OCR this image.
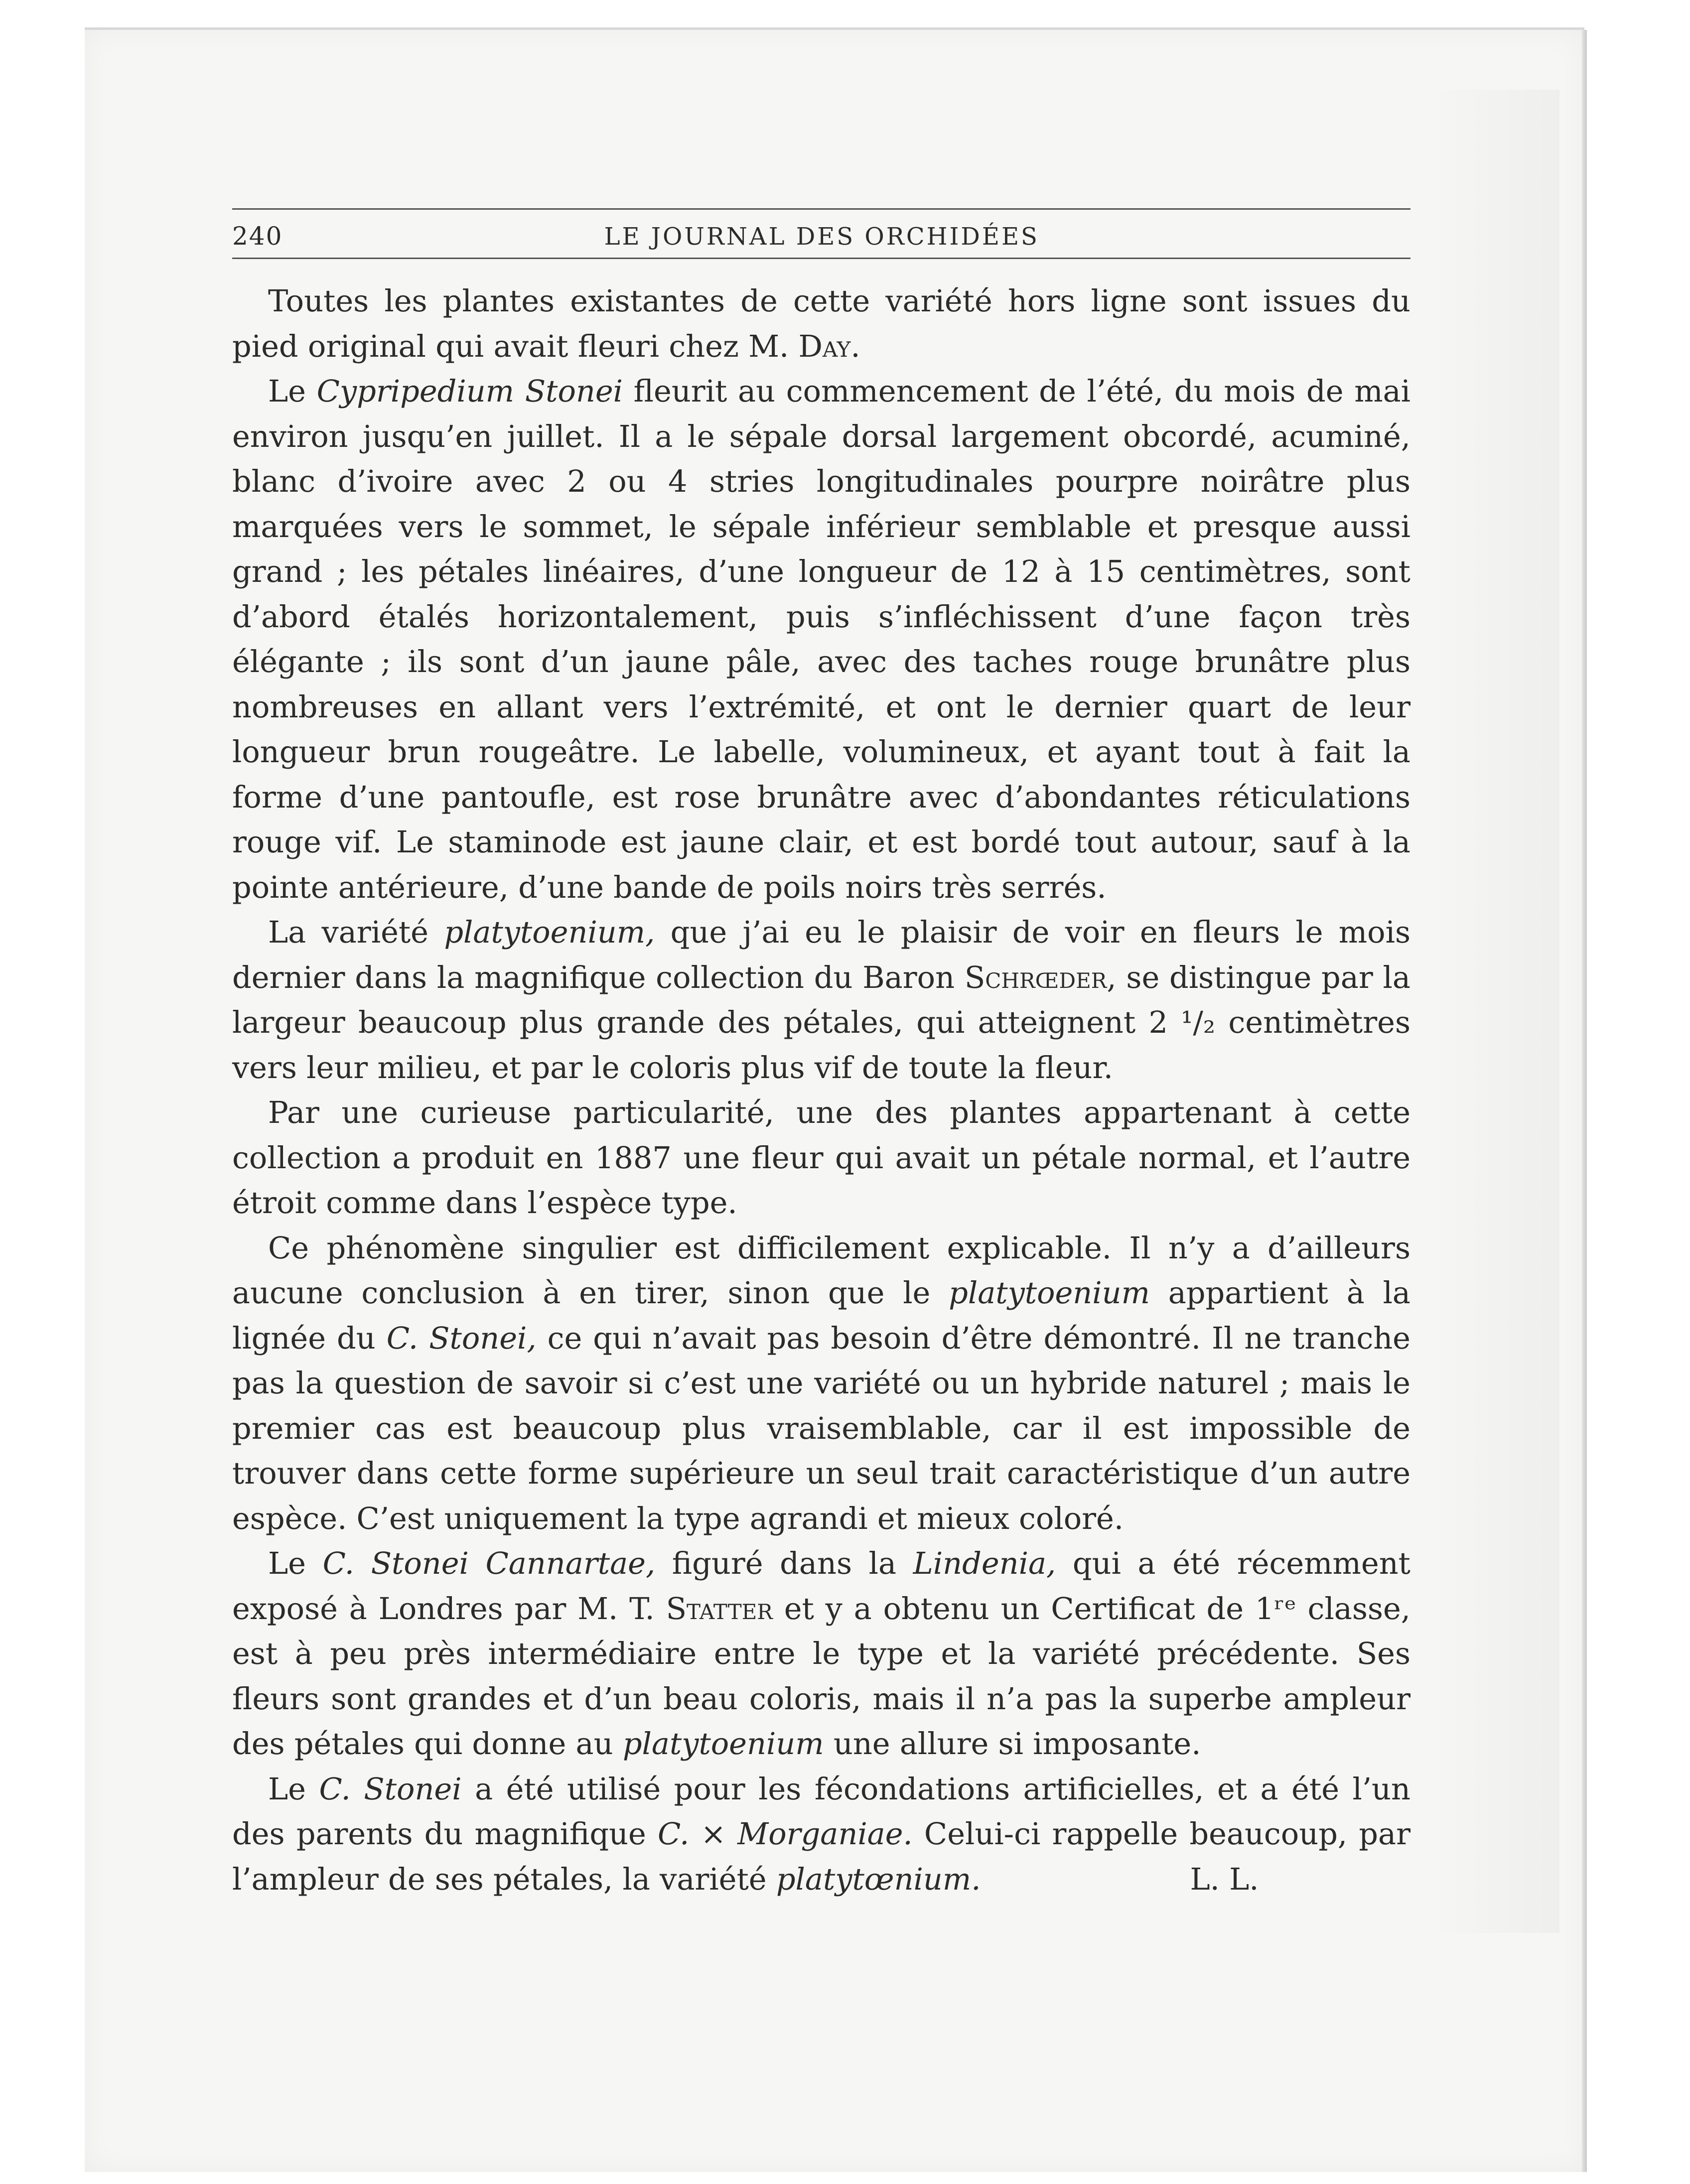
240	LE JOURNAL DES ORCHIDÉES

Toutes les plantes existantes de cette variété hors ligne sont issues du pied original qui avait fleuri chez M. Day.

Le Cypripedium Stonei fleurit au commencement de l’été, du mois de mai environ jusqu’en juillet. Il a le sépale dorsal largement obcordé, acuminé, blanc d’ivoire avec 2 ou 4 stries longitudinales pourpre noirâtre plus marquées vers le sommet, le sépale inférieur semblable et presque aussi grand ; les pétales linéaires, d’une longueur de 12 à 15 centimètres, sont d’abord étalés horizontalement, puis s’infléchissent d’une façon très élégante ; ils sont d’un jaune pâle, avec des taches rouge brunâtre plus nombreuses en allant vers l’extrémité, et ont le dernier quart de leur longueur brun rougeâtre. Le labelle, volumineux, et ayant tout à fait la forme d’une pantoufle, est rose brunâtre avec d’abondantes réticulations rouge vif. Le staminode est jaune clair, et est bordé tout autour, sauf à la pointe antérieure, d’une bande de poils noirs très serrés.

La variété platytoenium, que j’ai eu le plaisir de voir en fleurs le mois dernier dans la magnifique collection du Baron Schrœder, se distingue par la largeur beaucoup plus grande des pétales, qui atteignent 2 ¹/₂ centimètres vers leur milieu, et par le coloris plus vif de toute la fleur.

Par une curieuse particularité, une des plantes appartenant à cette collection a produit en 1887 une fleur qui avait un pétale normal, et l’autre étroit comme dans l’espèce type.

Ce phénomène singulier est difficilement explicable. Il n’y a d’ailleurs aucune conclusion à en tirer, sinon que le platytoenium appartient à la lignée du C. Stonei, ce qui n’avait pas besoin d’être démontré. Il ne tranche pas la question de savoir si c’est une variété ou un hybride naturel ; mais le premier cas est beaucoup plus vraisemblable, car il est impossible de trouver dans cette forme supérieure un seul trait caractéristique d’un autre espèce. C’est uniquement la type agrandi et mieux coloré.

Le C. Stonei Cannartae, figuré dans la Lindenia, qui a été récemment exposé à Londres par M. T. Statter et y a obtenu un Certificat de 1ʳᵉ classe, est à peu près intermédiaire entre le type et la variété précédente. Ses fleurs sont grandes et d’un beau coloris, mais il n’a pas la superbe ampleur des pétales qui donne au platytoenium une allure si imposante.

Le C. Stonei a été utilisé pour les fécondations artificielles, et a été l’un des parents du magnifique C. × Morganiae. Celui-ci rappelle beaucoup, par l’ampleur de ses pétales, la variété platytœnium.	L. L.
